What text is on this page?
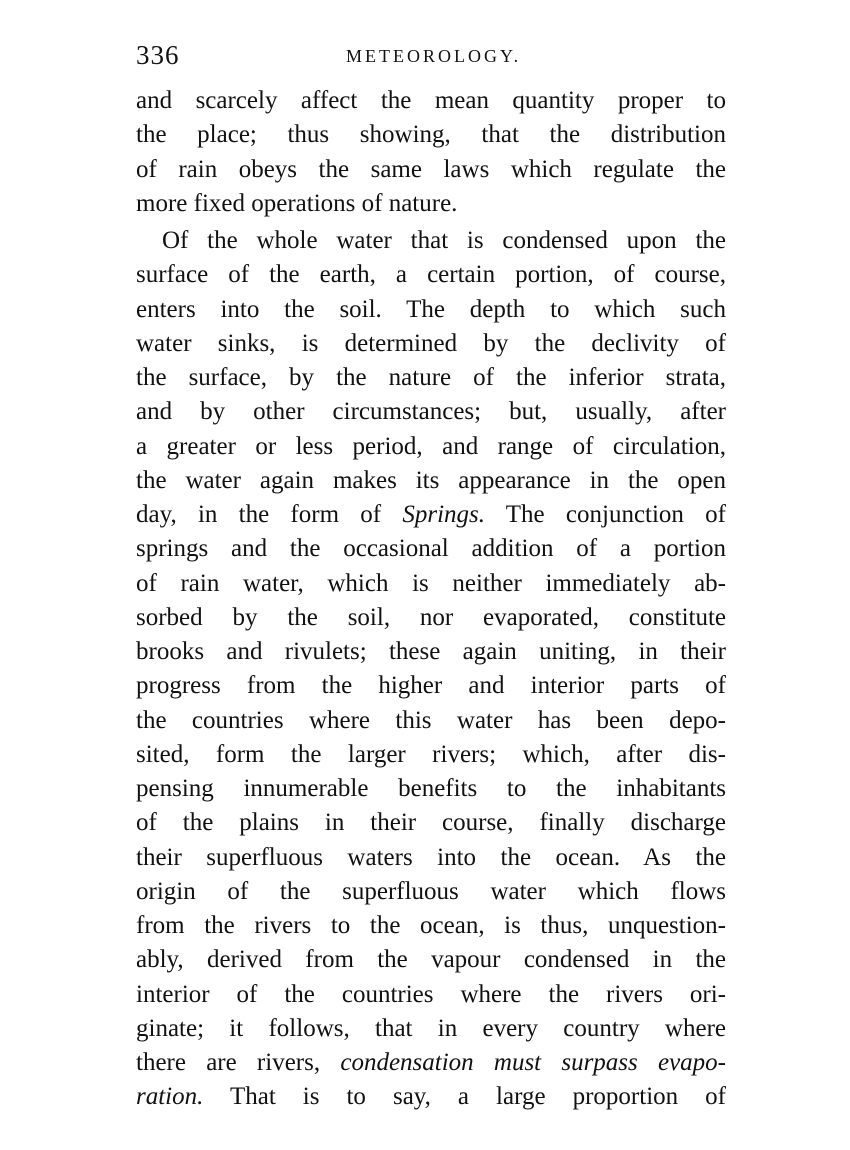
336	METEOROLOGY.
and scarcely affect the mean quantity proper to
the place; thus showing, that the distribution
of rain obeys the same laws which regulate the
more fixed operations of nature.
Of the whole water that is condensed upon the
surface of the earth, a certain portion, of course,
enters into the soil. The depth to which such
water sinks, is determined by the declivity of
the surface, by the nature of the inferior strata,
and by other circumstances; but, usually, after
a greater or less period, and range of circulation,
the water again makes its appearance in the open
day, in the form of Springs. The conjunction of
springs and the occasional addition of a portion
of rain water, which is neither immediately ab-
sorbed by the soil, nor evaporated, constitute
brooks and rivulets; these again uniting, in their
progress from the higher and interior parts of
the countries where this water has been depo-
sited, form the larger rivers; which, after dis-
pensing innumerable benefits to the inhabitants
of the plains in their course, finally discharge
their superfluous waters into the ocean. As the
origin of the superfluous water which flows
from the rivers to the ocean, is thus, unquestion-
ably, derived from the vapour condensed in the
interior of the countries where the rivers ori-
ginate; it follows, that in every country where
there are rivers, condensation must surpass evapo-
ration. That is to say, a large proportion of
